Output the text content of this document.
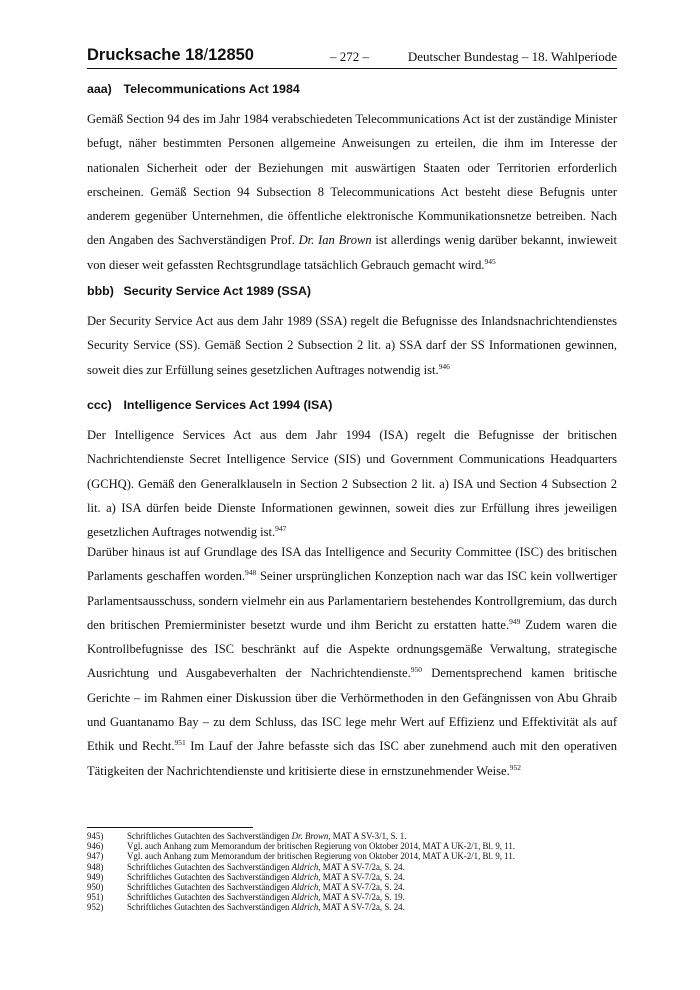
Drucksache 18/12850	– 272 –	Deutscher Bundestag – 18. Wahlperiode
aaa) Telecommunications Act 1984

Gemäß Section 94 des im Jahr 1984 verabschiedeten Telecommunications Act ist der zuständige Minister befugt, näher bestimmten Personen allgemeine Anweisungen zu erteilen, die ihm im Interesse der nationalen Sicherheit oder der Beziehungen mit auswärtigen Staaten oder Territorien erforderlich erscheinen. Gemäß Section 94 Subsection 8 Telecommunications Act besteht diese Befugnis unter anderem gegenüber Unternehmen, die öffentliche elektronische Kommunikationsnetze betreiben. Nach den Angaben des Sachverständigen Prof. Dr. Ian Brown ist allerdings wenig darüber bekannt, inwieweit von dieser weit gefassten Rechtsgrundlage tatsächlich Gebrauch gemacht wird.$^{945}$

bbb) Security Service Act 1989 (SSA)

Der Security Service Act aus dem Jahr 1989 (SSA) regelt die Befugnisse des Inlandsnachrichtendienstes Security Service (SS). Gemäß Section 2 Subsection 2 lit. a) SSA darf der SS Informationen gewinnen, soweit dies zur Erfüllung seines gesetzlichen Auftrages notwendig ist.$^{946}$

ccc) Intelligence Services Act 1994 (ISA)

Der Intelligence Services Act aus dem Jahr 1994 (ISA) regelt die Befugnisse der britischen Nachrichtendienste Secret Intelligence Service (SIS) und Government Communications Headquarters (GCHQ). Gemäß den Generalklauseln in Section 2 Subsection 2 lit. a) ISA und Section 4 Subsection 2 lit. a) ISA dürfen beide Dienste Informationen gewinnen, soweit dies zur Erfüllung ihres jeweiligen gesetzlichen Auftrages notwendig ist.$^{947}$

Darüber hinaus ist auf Grundlage des ISA das Intelligence and Security Committee (ISC) des britischen Parlaments geschaffen worden.$^{948}$ Seiner ursprünglichen Konzeption nach war das ISC kein vollwertiger Parlamentsausschuss, sondern vielmehr ein aus Parlamentariern bestehendes Kontrollgremium, das durch den britischen Premierminister besetzt wurde und ihm Bericht zu erstatten hatte.$^{949}$ Zudem waren die Kontrollbefugnisse des ISC beschränkt auf die Aspekte ordnungsgemäße Verwaltung, strategische Ausrichtung und Ausgabeverhalten der Nachrichtendienste.$^{950}$ Dementsprechend kamen britische Gerichte – im Rahmen einer Diskussion über die Verhörmethoden in den Gefängnissen von Abu Ghraib und Guantanamo Bay – zu dem Schluss, das ISC lege mehr Wert auf Effizienz und Effektivität als auf Ethik und Recht.$^{951}$ Im Lauf der Jahre befasste sich das ISC aber zunehmend auch mit den operativen Tätigkeiten der Nachrichtendienste und kritisierte diese in ernstzunehmender Weise.$^{952}$

945)	Schriftliches Gutachten des Sachverständigen Dr. Brown, MAT A SV-3/1, S. 1.
946)	Vgl. auch Anhang zum Memorandum der britischen Regierung von Oktober 2014, MAT A UK-2/1, Bl. 9, 11.
947)	Vgl. auch Anhang zum Memorandum der britischen Regierung von Oktober 2014, MAT A UK-2/1, Bl. 9, 11.
948)	Schriftliches Gutachten des Sachverständigen Aldrich, MAT A SV-7/2a, S. 24.
949)	Schriftliches Gutachten des Sachverständigen Aldrich, MAT A SV-7/2a, S. 24.
950)	Schriftliches Gutachten des Sachverständigen Aldrich, MAT A SV-7/2a, S. 24.
951)	Schriftliches Gutachten des Sachverständigen Aldrich, MAT A SV-7/2a, S. 19.
952)	Schriftliches Gutachten des Sachverständigen Aldrich, MAT A SV-7/2a, S. 24.
